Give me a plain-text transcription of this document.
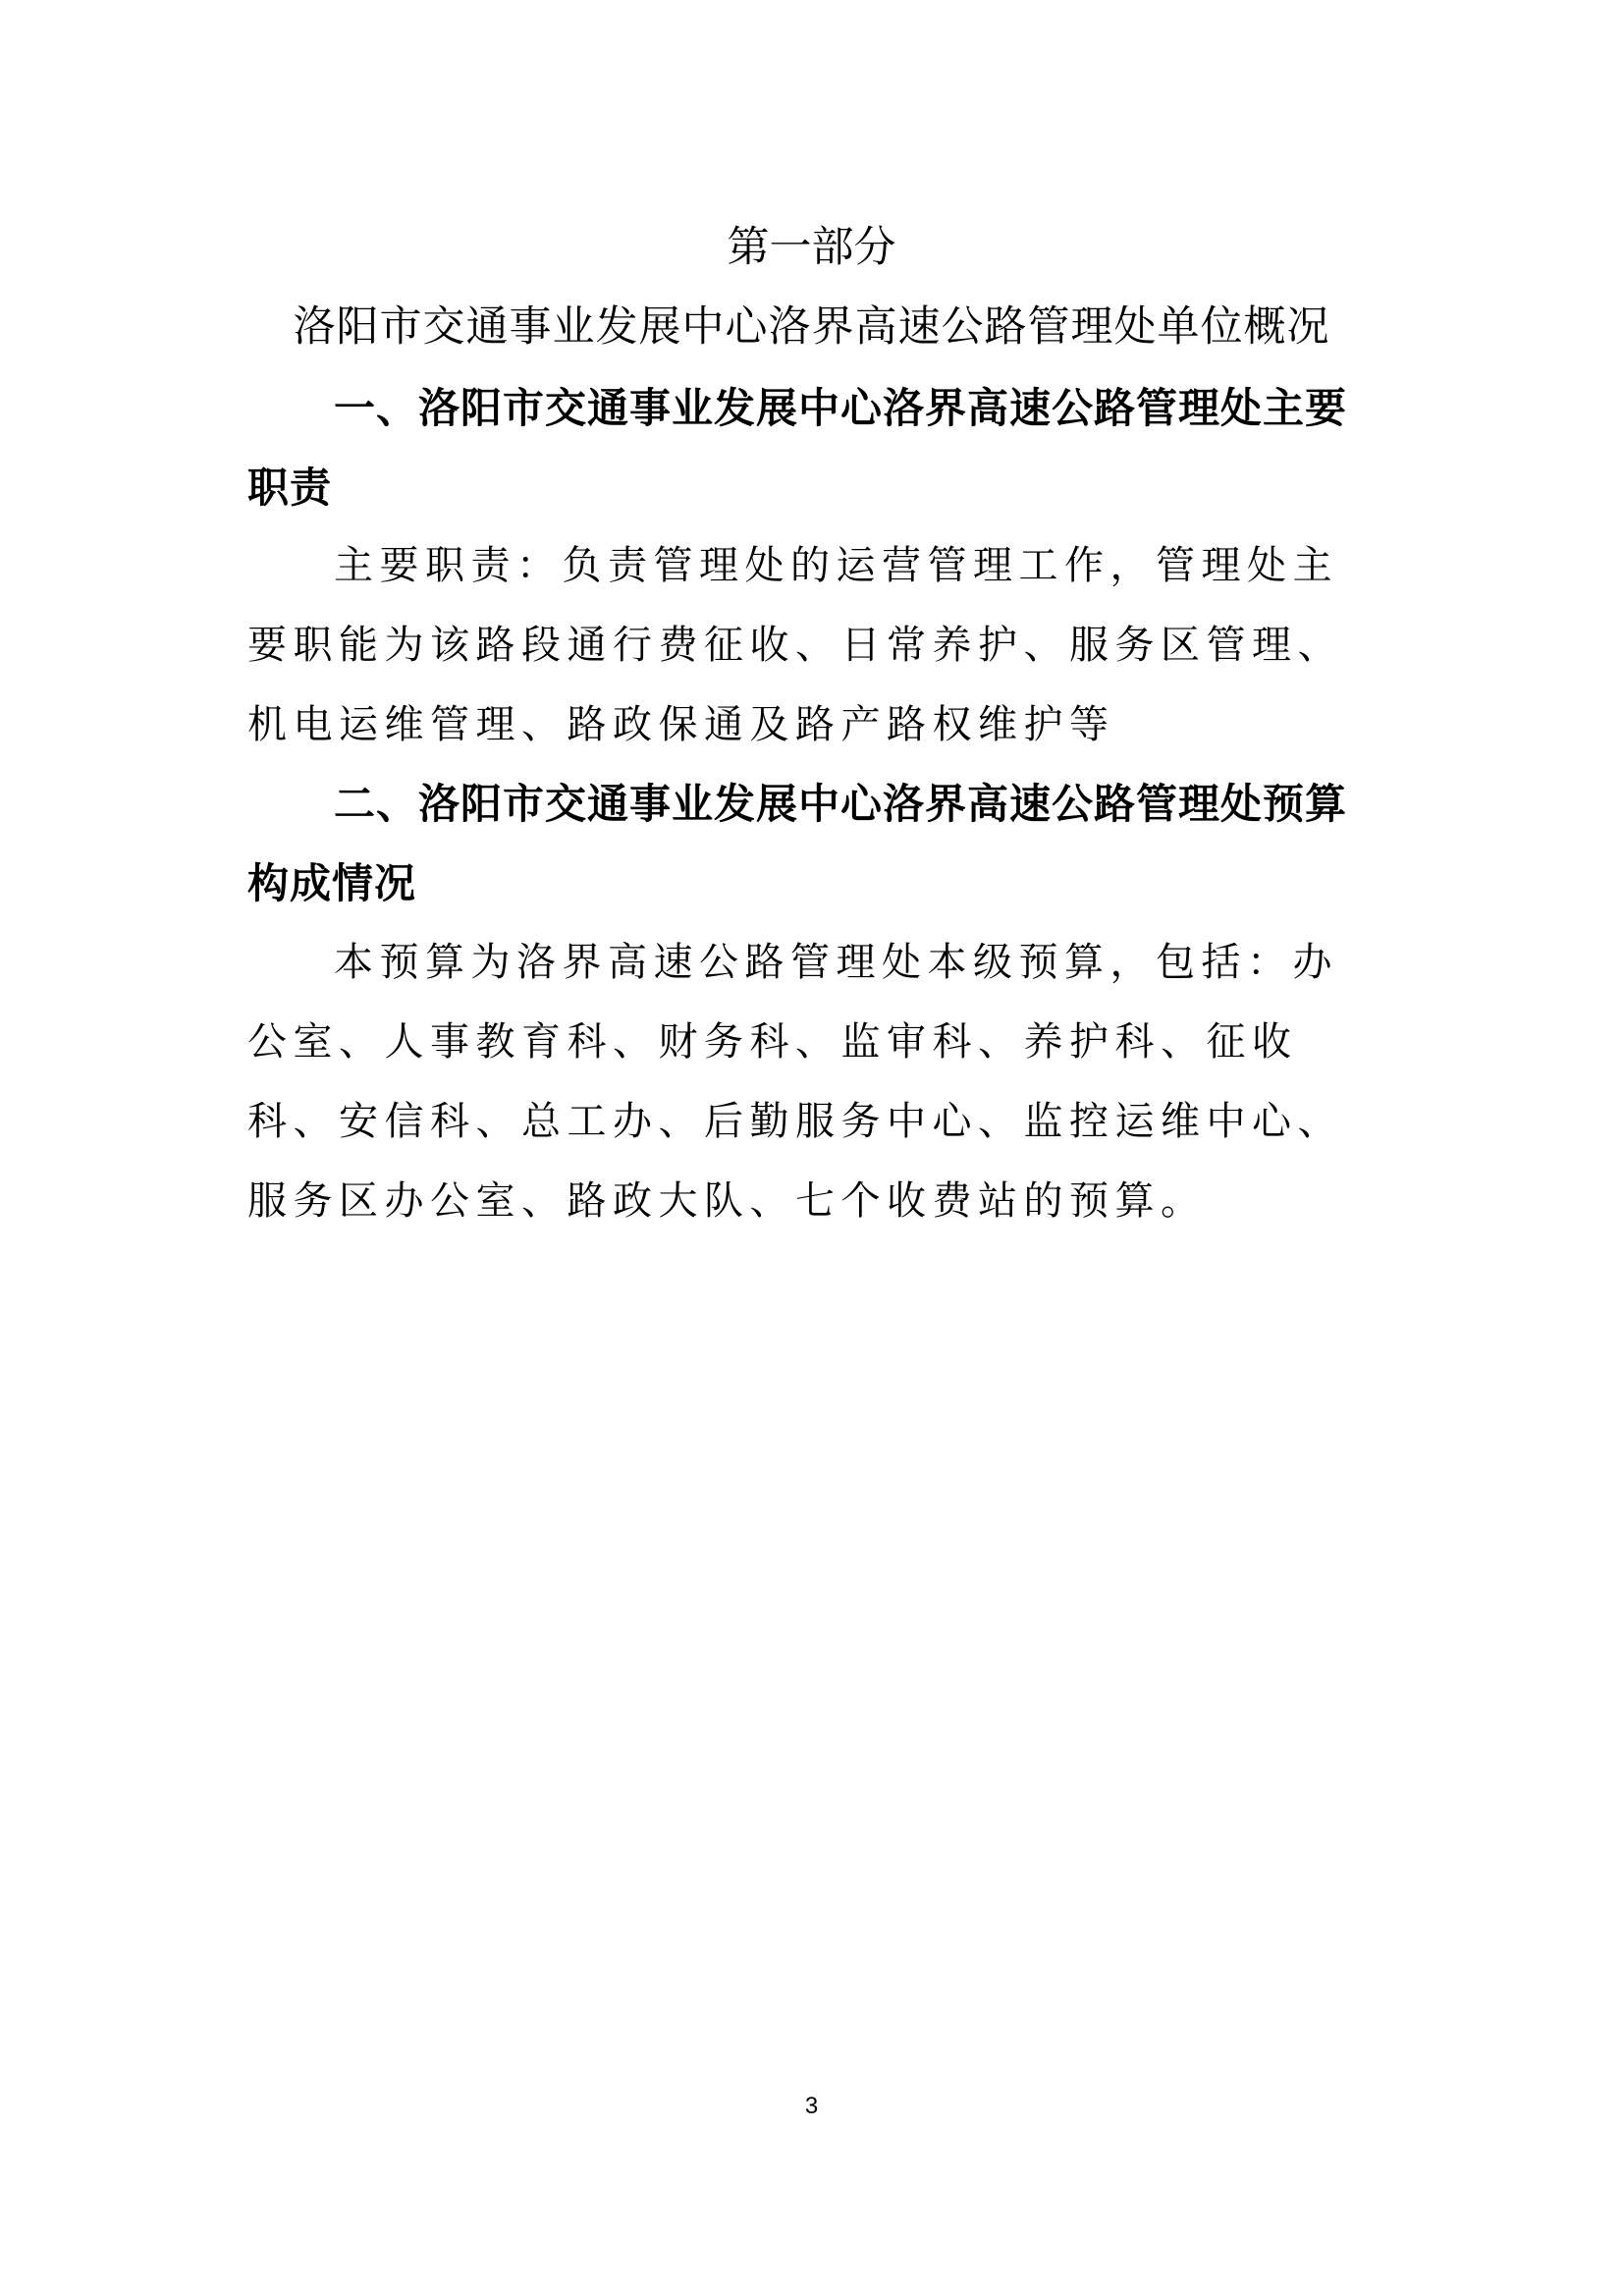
第一部分
洛阳市交通事业发展中心洛界高速公路管理处单位概况
一、洛阳市交通事业发展中心洛界高速公路管理处主要职责

主要职责：负责管理处的运营管理工作，管理处主要职能为该路段通行费征收、日常养护、服务区管理、机电运维管理、路政保通及路产路权维护等

二、洛阳市交通事业发展中心洛界高速公路管理处预算构成情况

本预算为洛界高速公路管理处本级预算，包括：办公室、人事教育科、财务科、监审科、养护科、征收科、安信科、总工办、后勤服务中心、监控运维中心、服务区办公室、路政大队、七个收费站的预算。

3
